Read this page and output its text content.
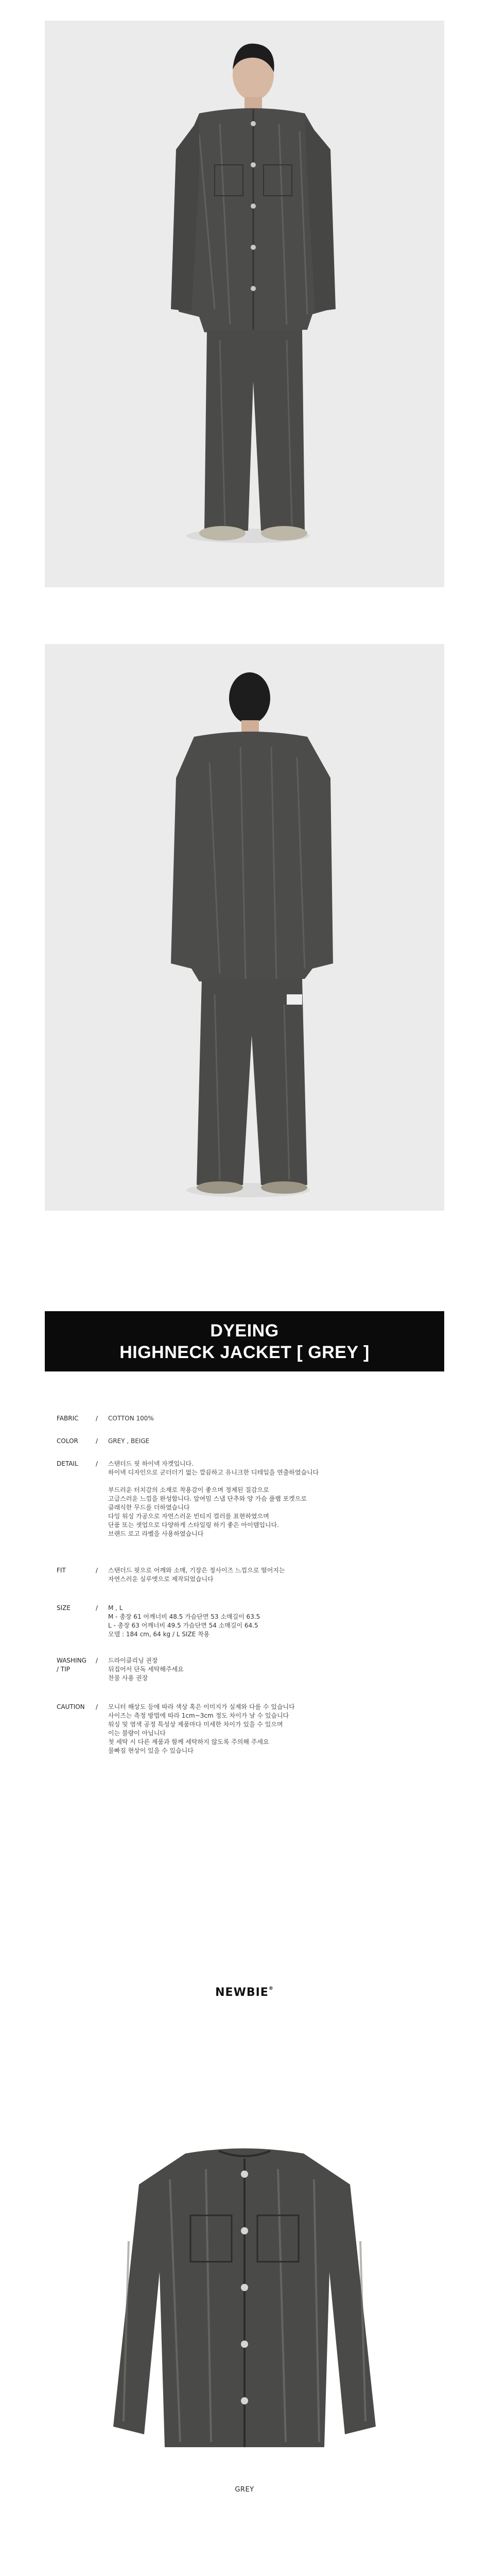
DYEING
HIGHNECK JACKET [ GREY ]
FABRIC	/ COTTON 100%
COLOR	/ GREY , BEIGE
DETAIL	/ 스탠더드 핏 하이넥 자켓입니다.

하이넥 디자인으로 군더더기 없는 깔끔하고 유니크한 디테일을 연출하였습니다

부드러운 터치감의 소재로 착용감이 좋으며 정제된 질감으로

고급스러운 느낌을 완성합니다. 앞여밈 스냅 단추와 양 가슴 플랩 포켓으로

클래식한 무드를 더하였습니다

다잉 워싱 가공으로 자연스러운 빈티지 컬러를 표현하였으며

단품 또는 셋업으로 다양하게 스타일링 하기 좋은 아이템입니다.

브랜드 로고 라벨을 사용하였습니다

FIT	/ 스탠더드 핏으로 어깨와 소매, 기장은 정사이즈 느낌으로 떨어지는

자연스러운 실루엣으로 제작되었습니다

SIZE	/ M , L

M - 총장 61 어깨너비 48.5 가슴단면 53 소매길이 63.5

L - 총장 63 어깨너비 49.5 가슴단면 54 소매길이 64.5

모델 : 184 cm, 64 kg / L SIZE 착용

WASHING / TIP
/ 드라이클리닝 권장

뒤집어서 단독 세탁해주세요

찬물 사용 권장

CAUTION	/ 모니터 해상도 등에 따라 색상 혹은 이미지가 실제와 다를 수 있습니다

사이즈는 측정 방법에 따라 1cm~3cm 정도 차이가 날 수 있습니다

워싱 및 염색 공정 특성상 제품마다 미세한 차이가 있을 수 있으며

이는 불량이 아닙니다

첫 세탁 시 다른 제품과 함께 세탁하지 않도록 주의해 주세요

물빠짐 현상이 있을 수 있습니다

NEWBIE®
GREY
